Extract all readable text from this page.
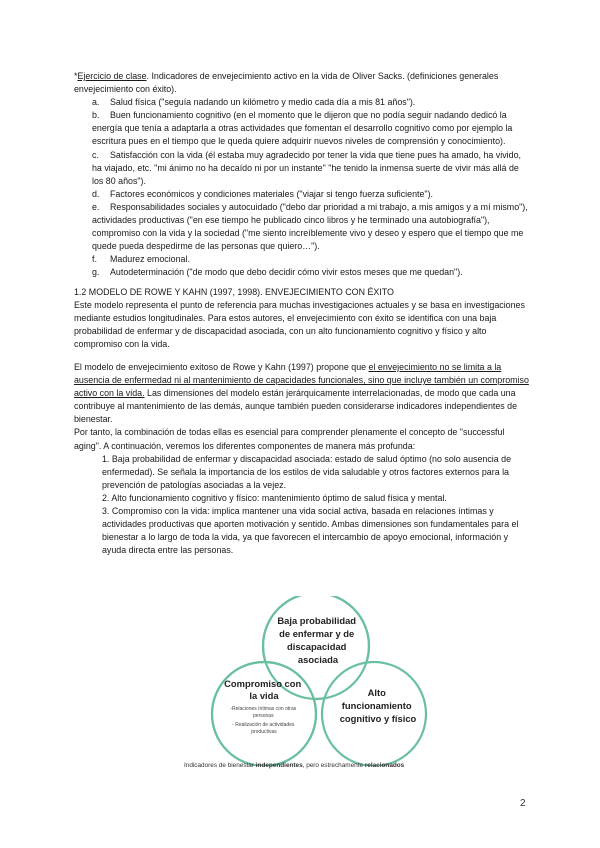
*Ejercicio de clase. Indicadores de envejecimiento activo en la vida de Oliver Sacks. (definiciones generales envejecimiento con éxito).

a. Salud física ("seguía nadando un kilómetro y medio cada día a mis 81 años").

b. Buen funcionamiento cognitivo (en el momento que le dijeron que no podía seguir nadando dedicó la energía que tenía a adaptarla a otras actividades que fomentan el desarrollo cognitivo como por ejemplo la escritura pues en el tiempo que le queda quiere adquirir nuevos niveles de comprensión y conocimiento).

c. Satisfacción con la vida (él estaba muy agradecido por tener la vida que tiene pues ha amado, ha vivido, ha viajado, etc. "mi ánimo no ha decaído ni por un instante" "he tenido la inmensa suerte de vivir más allá de los 80 años").

d. Factores económicos y condiciones materiales ("viajar si tengo fuerza suficiente").

e. Responsabilidades sociales y autocuidado ("debo dar prioridad a mi trabajo, a mis amigos y a mí mismo"), actividades productivas ("en ese tiempo he publicado cinco libros y he terminado una autobiografía"), compromiso con la vida y la sociedad ("me siento increíblemente vivo y deseo y espero que el tiempo que me quede pueda despedirme de las personas que quiero…").

f. Madurez emocional.

g. Autodeterminación ("de modo que debo decidir cómo vivir estos meses que me quedan").

1.2 MODELO DE ROWE Y KAHN (1997, 1998). ENVEJECIMIENTO CON ÉXITO

Este modelo representa el punto de referencia para muchas investigaciones actuales y se basa en investigaciones mediante estudios longitudinales. Para estos autores, el envejecimiento con éxito se identifica con una baja probabilidad de enfermar y de discapacidad asociada, con un alto funcionamiento cognitivo y físico y alto compromiso con la vida.

El modelo de envejecimiento exitoso de Rowe y Kahn (1997) propone que el envejecimiento no se limita a la ausencia de enfermedad ni al mantenimiento de capacidades funcionales, sino que incluye también un compromiso activo con la vida. Las dimensiones del modelo están jerárquicamente interrelacionadas, de modo que cada una contribuye al mantenimiento de las demás, aunque también pueden considerarse indicadores independientes de bienestar.

Por tanto, la combinación de todas ellas es esencial para comprender plenamente el concepto de "successful aging". A continuación, veremos los diferentes componentes de manera más profunda:

1. Baja probabilidad de enfermar y discapacidad asociada: estado de salud óptimo (no solo ausencia de enfermedad). Se señala la importancia de los estilos de vida saludable y otros factores externos para la prevención de patologías asociadas a la vejez.

2. Alto funcionamiento cognitivo y físico: mantenimiento óptimo de salud física y mental.

3. Compromiso con la vida: implica mantener una vida social activa, basada en relaciones íntimas y actividades productivas que aporten motivación y sentido. Ambas dimensiones son fundamentales para el bienestar a lo largo de toda la vida, ya que favorecen el intercambio de apoyo emocional, información y ayuda directa entre las personas.

Baja probabilidad de enfermar y de discapacidad asociada
Compromiso con la vida
-Relaciones íntimas con otras personas - Realización de actividades productivas
Alto funcionamiento cognitivo y físico
Indicadores de bienestar independientes, pero estrechamente relacionados
2
